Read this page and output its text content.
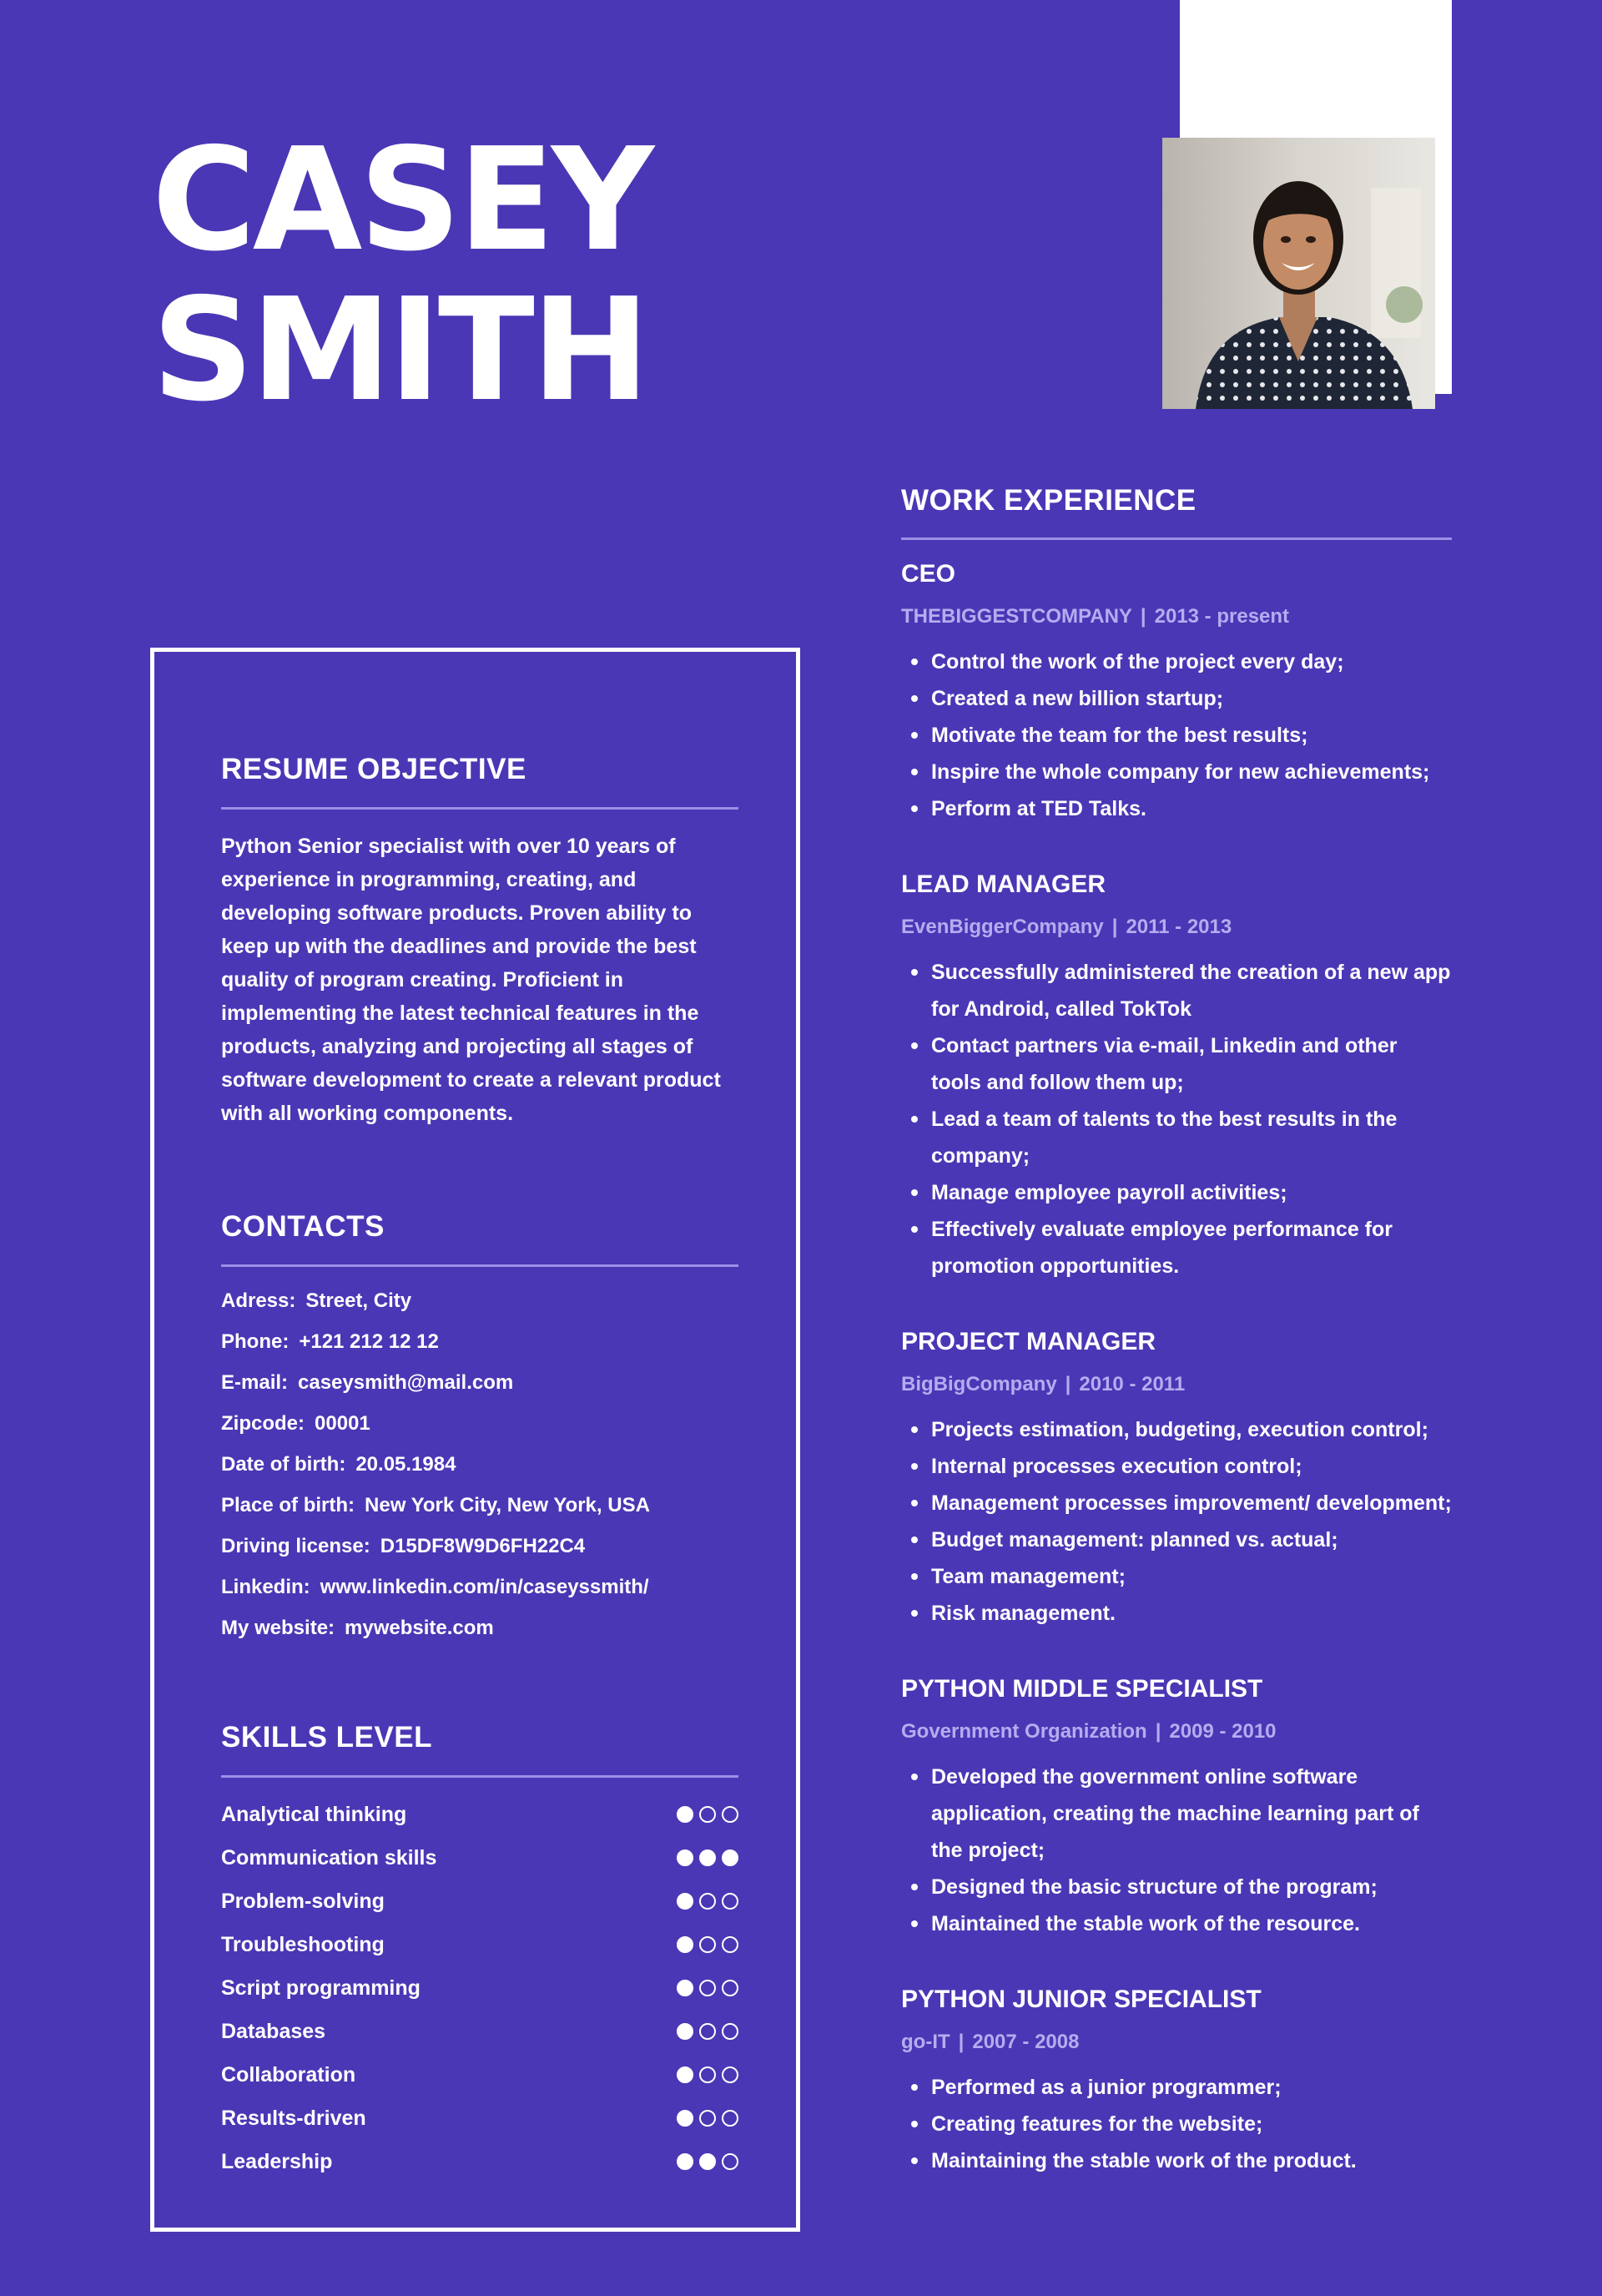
CASEY
SMITH
RESUME OBJECTIVE

Python Senior specialist with over 10 years of experience in programming, creating, and developing software products. Proven ability to keep up with the deadlines and provide the best quality of program creating. Proficient in implementing the latest technical features in the products, analyzing and projecting all stages of software development to create a relevant product with all working components.

CONTACTS
Adress: Street, City
Phone: +121 212 12 12
E-mail: caseysmith@mail.com
Zipcode: 00001
Date of birth: 20.05.1984
Place of birth: New York City, New York, USA
Driving license: D15DF8W9D6FH22C4
Linkedin: www.linkedin.com/in/caseyssmith/
My website: mywebsite.com
SKILLS LEVEL
Analytical thinking
Communication skills
Problem-solving
Troubleshooting
Script programming
Databases
Collaboration
Results-driven
Leadership
WORK EXPERIENCE
CEO
THEBIGGESTCOMPANY | 2013 - present
Control the work of the project every day;
Created a new billion startup;
Motivate the team for the best results;
Inspire the whole company for new achievements;
Perform at TED Talks.
LEAD MANAGER
EvenBiggerCompany | 2011 - 2013
Successfully administered the creation of a new app for Android, called TokTok
Contact partners via e-mail, Linkedin and other tools and follow them up;
Lead a team of talents to the best results in the company;
Manage employee payroll activities;
Effectively evaluate employee performance for promotion opportunities.
PROJECT MANAGER
BigBigCompany | 2010 - 2011
Projects estimation, budgeting, execution control;
Internal processes execution control;
Management processes improvement/ development;
Budget management: planned vs. actual;
Team management;
Risk management.
PYTHON MIDDLE SPECIALIST
Government Organization | 2009 - 2010
Developed the government online software application, creating the machine learning part of the project;
Designed the basic structure of the program;
Maintained the stable work of the resource.
PYTHON JUNIOR SPECIALIST
go-IT | 2007 - 2008
Performed as a junior programmer;
Creating features for the website;
Maintaining the stable work of the product.
